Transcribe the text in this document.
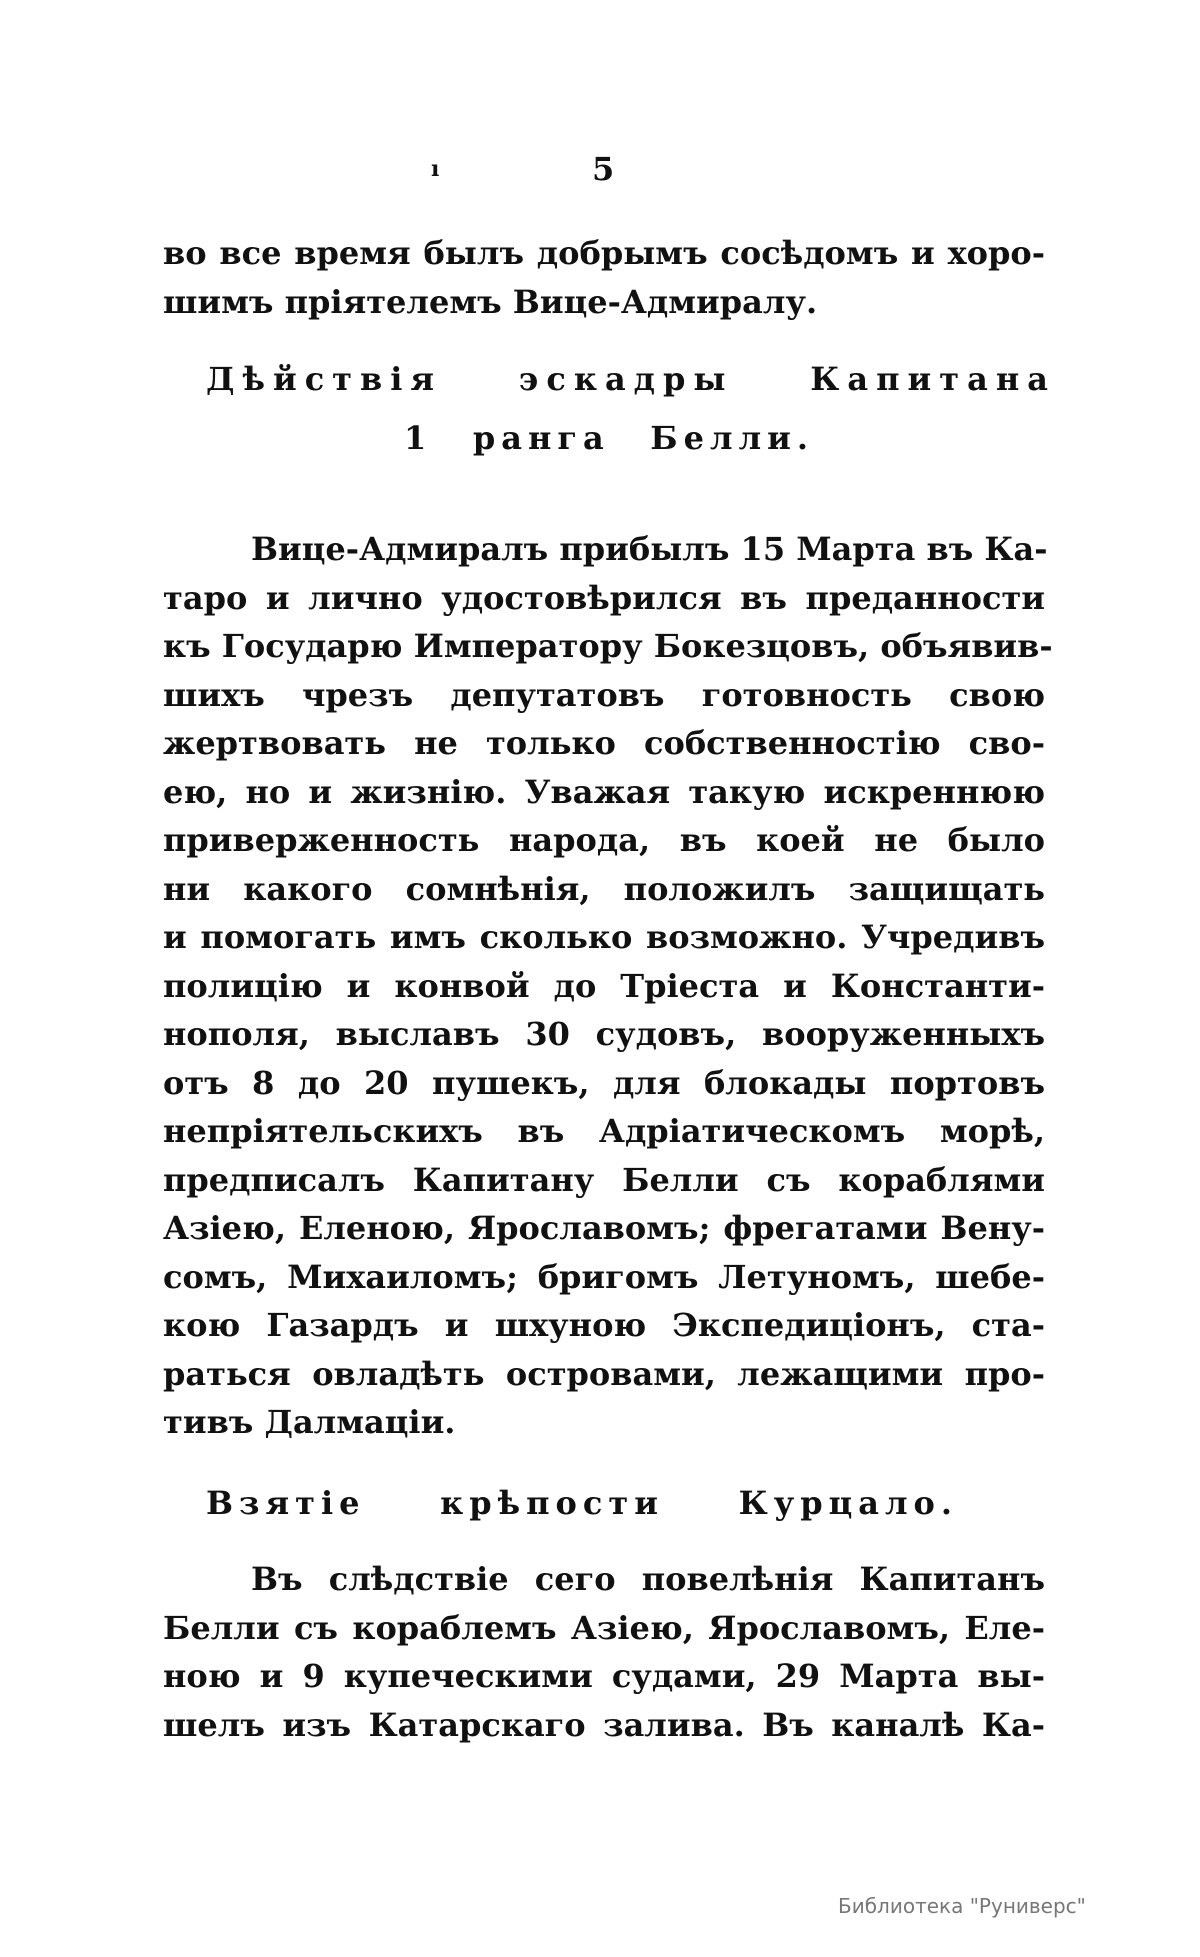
ı	5
во все время былъ добрымъ сосѣдомъ и хоро-
шимъ пріятелемъ Вице-Адмиралу.
Дѣйствія эскадры Капитана
1 ранга Белли.
Вице-Адмиралъ прибылъ 15 Марта въ Ка-
таро и лично удостовѣрился въ преданности
къ Государю Императору Бокезцовъ, объявив-
шихъ чрезъ депутатовъ готовность свою
жертвовать не только собственностію сво-
ею, но и жизнію. Уважая такую искреннюю
приверженность народа, въ коей не было
ни какого сомнѣнія, положилъ защищать
и помогать имъ сколько возможно. Учредивъ
полицію и конвой до Тріеста и Константи-
нополя, выславъ 30 судовъ, вооруженныхъ
отъ 8 до 20 пушекъ, для блокады портовъ
непріятельскихъ въ Адріатическомъ морѣ,
предписалъ Капитану Белли съ кораблями
Азіею, Еленою, Ярославомъ; фрегатами Вену-
сомъ, Михаиломъ; бригомъ Летуномъ, шебе-
кою Газардъ и шхуною Экспедиціонъ, ста-
раться овладѣть островами, лежащими про-
тивъ Далмаціи.
Взятіе крѣпости Курцало.
Въ слѣдствіе сего повелѣнія Капитанъ
Белли съ кораблемъ Азіею, Ярославомъ, Еле-
ною и 9 купеческими судами, 29 Марта вы-
шелъ изъ Катарскаго залива. Въ каналѣ Ка-
Библиотека "Руниверс"
